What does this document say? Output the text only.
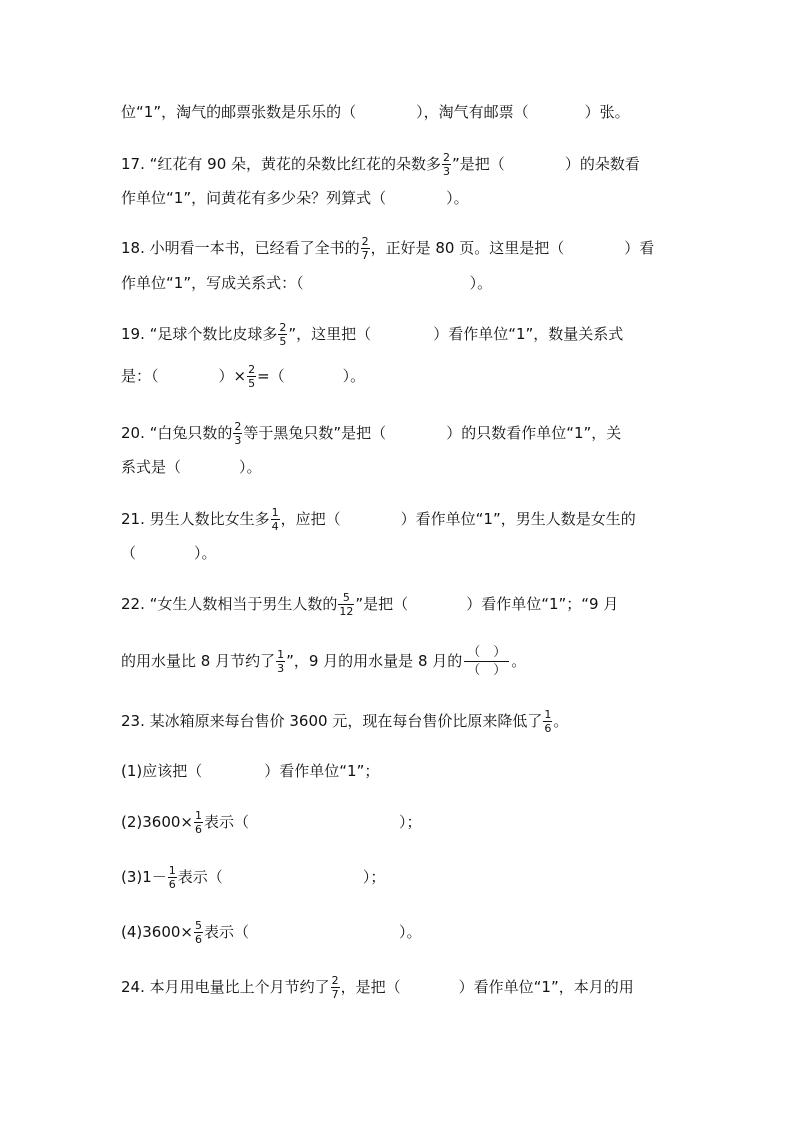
位“1”，淘气的邮票张数是乐乐的（	），淘气有邮票（	）张。
17. “红花有 90 朵，黄花的朵数比红花的朵数多 $\frac{2}{3}$ ”是把（	）的朵数看
作单位“1”，问黄花有多少朵？列算式（	）。
18. 小明看一本书，已经看了全书的 $\frac{2}{7}$ ，正好是 80 页。这里是把（	）看
作单位“1”，写成关系式：（	）。
19. “足球个数比皮球多 $\frac{2}{5}$ ”，这里把（	）看作单位“1”，数量关系式
是：（	）× $\frac{2}{5}$ =（	）。
20. “白兔只数的 $\frac{2}{3}$ 等于黑兔只数”是把（	）的只数看作单位“1”，关
系式是（	）。
21. 男生人数比女生多 $\frac{1}{4}$ ，应把（	）看作单位“1”，男生人数是女生的
（	）。
22. “女生人数相当于男生人数的 $\frac{5}{12}$ ”是把（	）看作单位“1”；“9 月
的用水量比 8 月节约了 $\frac{1}{3}$ ”，9 月的用水量是 8 月的 $\frac{( )}{( )}$ 。
23. 某冰箱原来每台售价 3600 元，现在每台售价比原来降低了 $\frac{1}{6}$ 。
(1)应该把（	）看作单位“1”；
$(2)3600\times \frac{1}{6}$ 表示（	）；
$(3)1- \frac{1}{6}$ 表示（	）；
$(4)3600\times \frac{5}{6}$ 表示（	）。
24. 本月用电量比上个月节约了 $\frac{2}{7}$ ，是把（	）看作单位“1”，本月的用
